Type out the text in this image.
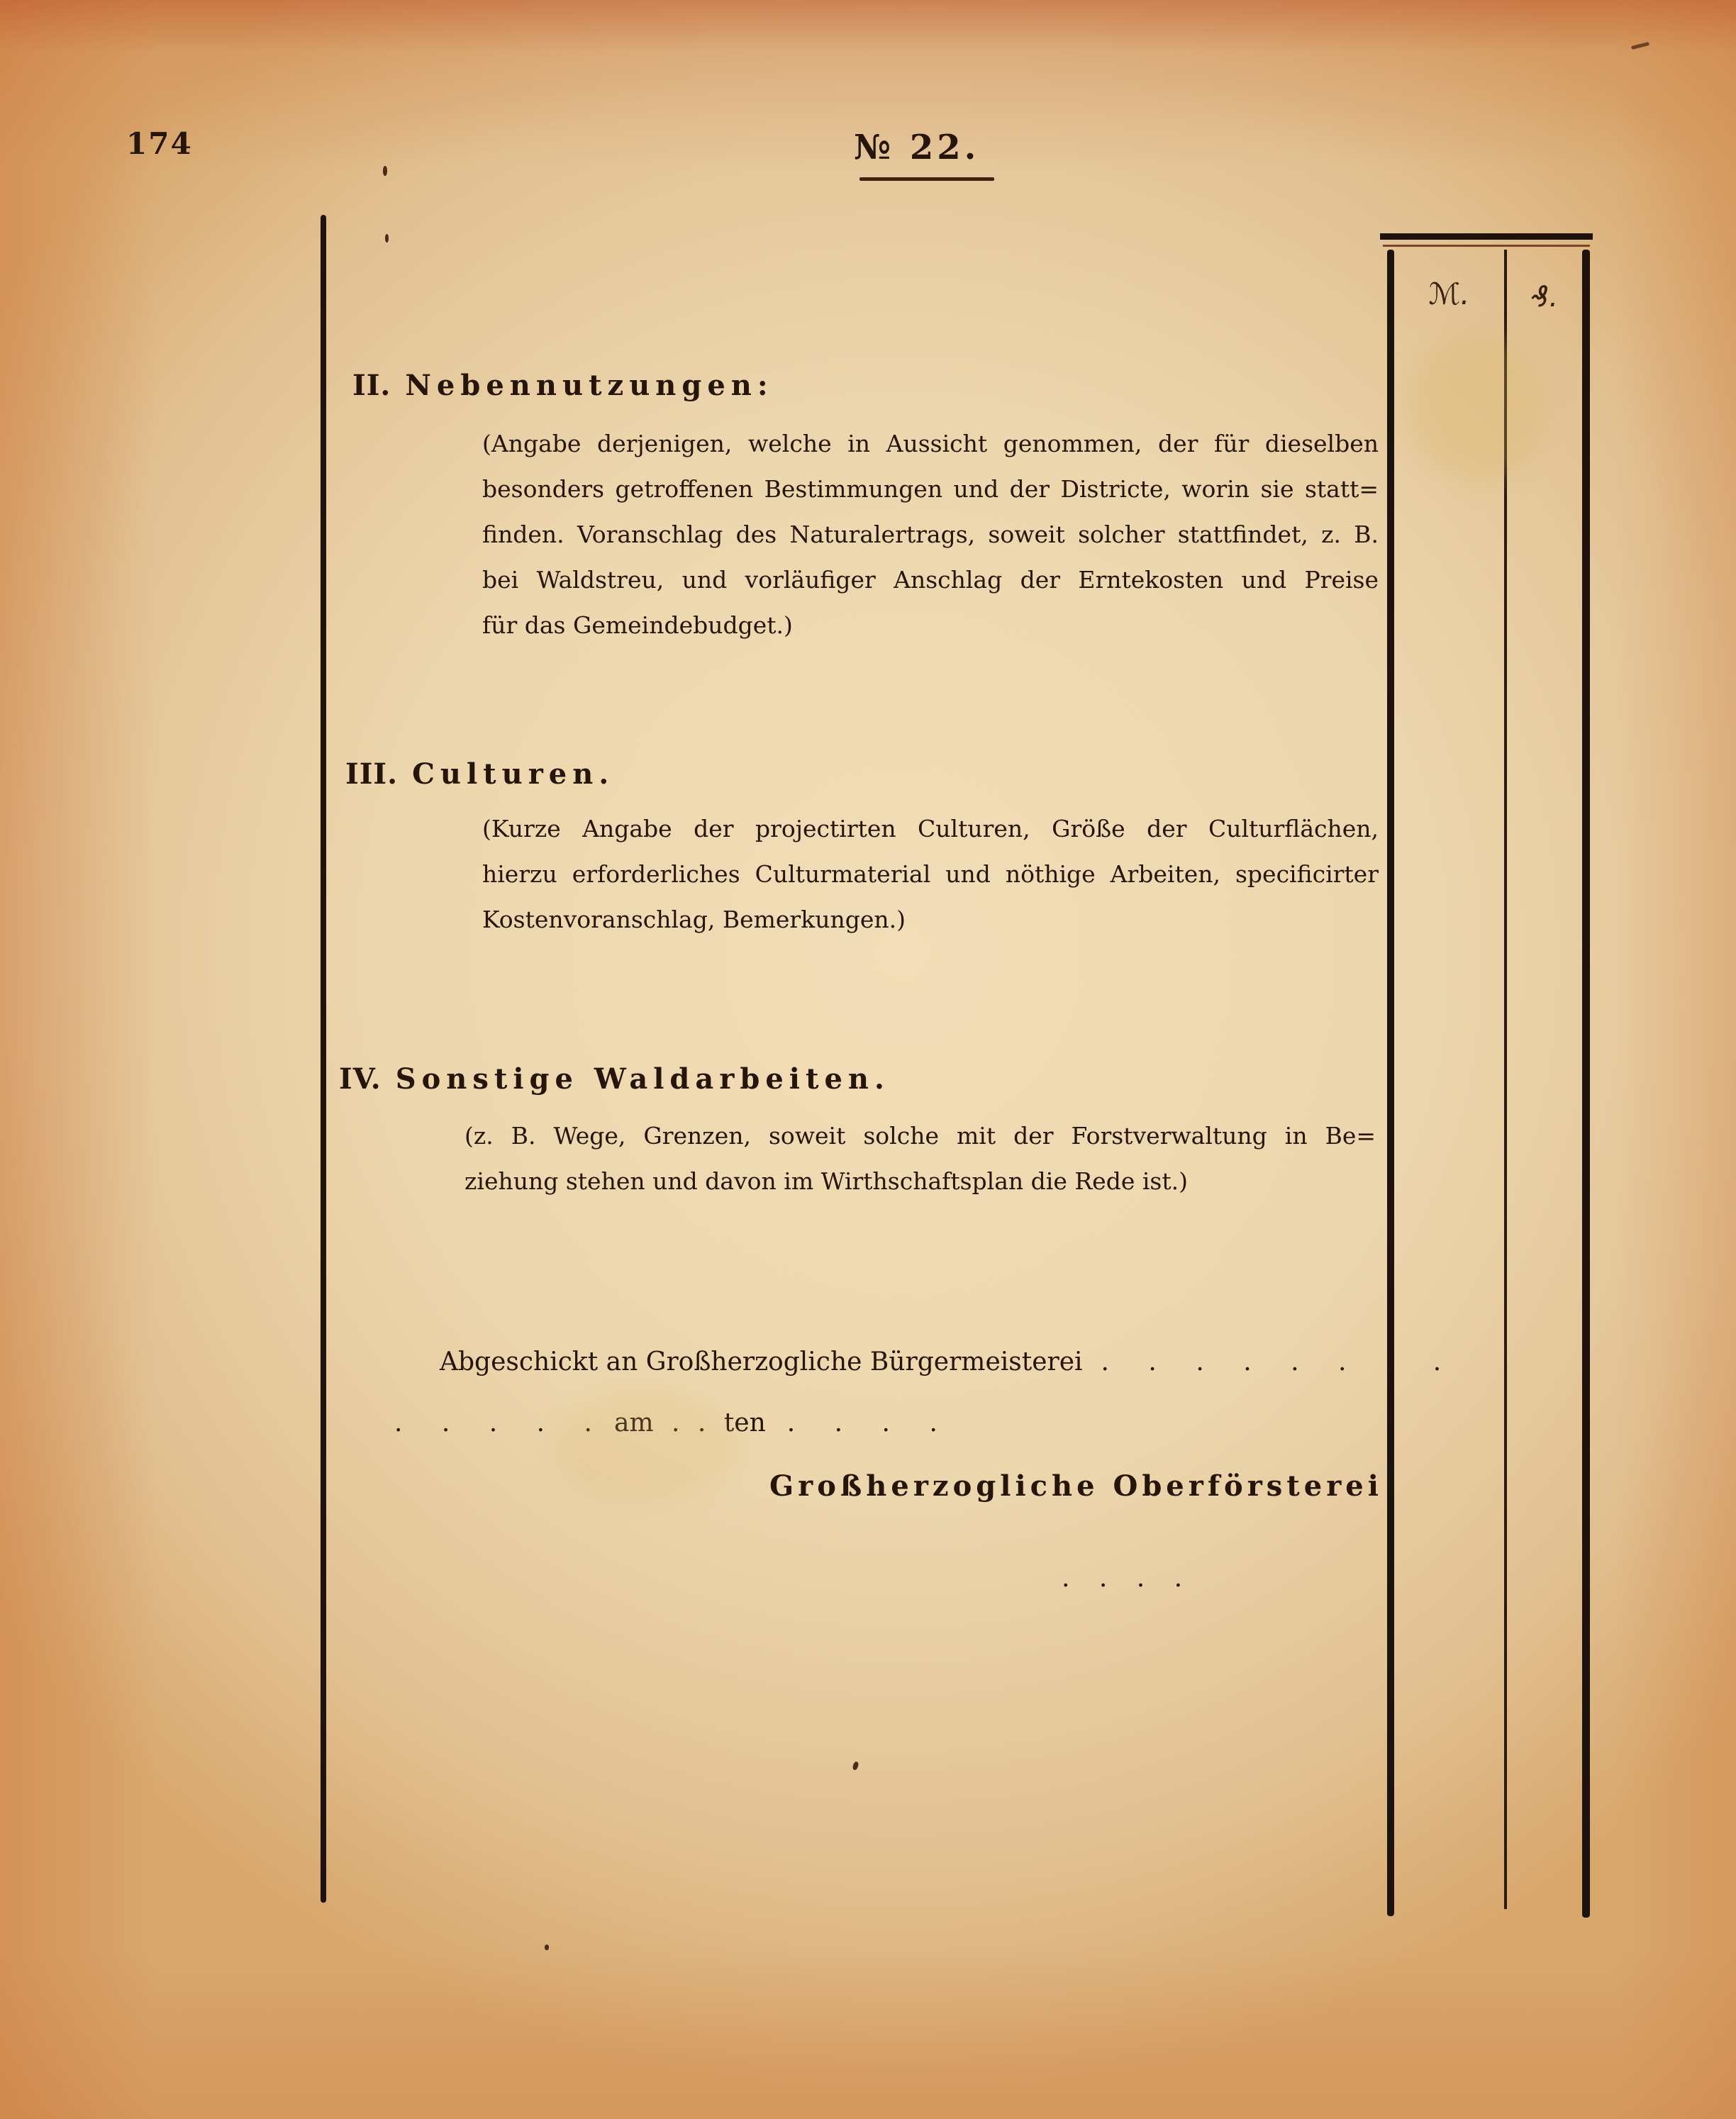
174	№ 22.
ℳ.	₰.
II. Nebennutzungen:
(Angabe derjenigen, welche in Aussicht genommen, der für dieselben
besonders getroffenen Bestimmungen und der Districte, worin sie statt=
finden. Voranschlag des Naturalertrags, soweit solcher stattfindet, z. B.
bei Waldstreu, und vorläufiger Anschlag der Erntekosten und Preise
für das Gemeindebudget.)
III. Culturen.
(Kurze Angabe der projectirten Culturen, Größe der Culturflächen,
hierzu erforderliches Culturmaterial und nöthige Arbeiten, specificirter
Kostenvoranschlag, Bemerkungen.)
IV. Sonstige Waldarbeiten.
(z. B. Wege, Grenzen, soweit solche mit der Forstverwaltung in Be=
ziehung stehen und davon im Wirthschaftsplan die Rede ist.)
Abgeschickt an Großherzogliche Bürgermeisterei . . . . . . . .
. . . . . am . . ten . . . .
Großherzogliche Oberförsterei
. . . .
